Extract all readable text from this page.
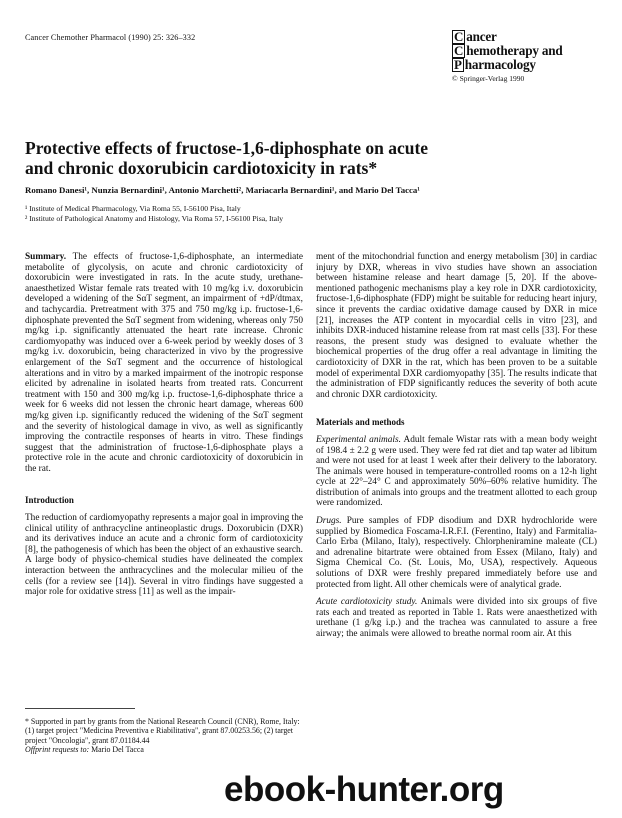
Cancer Chemother Pharmacol (1990) 25: 326–332	C ancer
C hemotherapy and
P harmacology
© Springer-Verlag 1990
Protective effects of fructose-1,6-diphosphate on acute
and chronic doxorubicin cardiotoxicity in rats*
Romano Danesi¹, Nunzia Bernardini¹, Antonio Marchetti², Mariacarla Bernardini¹, and Mario Del Tacca¹
¹ Institute of Medical Pharmacology, Via Roma 55, I-56100 Pisa, Italy
² Institute of Pathological Anatomy and Histology, Via Roma 57, I-56100 Pisa, Italy

Summary. The effects of fructose-1,6-diphosphate, an intermediate metabolite of glycolysis, on acute and chronic cardiotoxicity of doxorubicin were investigated in rats. In the acute study, urethane-anaesthetized Wistar female rats treated with 10 mg/kg i.v. doxorubicin developed a widening of the SαT segment, an impairment of +dP/dtmax, and tachycardia. Pretreatment with 375 and 750 mg/kg i.p. fructose-1,6-diphosphate prevented the SαT segment from widening, whereas only 750 mg/kg i.p. significantly attenuated the heart rate increase. Chronic cardiomyopathy was induced over a 6-week period by weekly doses of 3 mg/kg i.v. doxorubicin, being characterized in vivo by the progressive enlargement of the SαT segment and the occurrence of histological alterations and in vitro by a marked impairment of the inotropic response elicited by adrenaline in isolated hearts from treated rats. Concurrent treatment with 150 and 300 mg/kg i.p. fructose-1,6-diphosphate thrice a week for 6 weeks did not lessen the chronic heart damage, whereas 600 mg/kg given i.p. significantly reduced the widening of the SαT segment and the severity of histological damage in vivo, as well as significantly improving the contractile responses of hearts in vitro. These findings suggest that the administration of fructose-1,6-diphosphate plays a protective role in the acute and chronic cardiotoxicity of doxorubicin in the rat.

Introduction

The reduction of cardiomyopathy represents a major goal in improving the clinical utility of anthracycline antineoplastic drugs. Doxorubicin (DXR) and its derivatives induce an acute and a chronic form of cardiotoxicity [8], the pathogenesis of which has been the object of an exhaustive search. A large body of physico-chemical studies have delineated the complex interaction between the anthracyclines and the molecular milieu of the cells (for a review see [14]). Several in vitro findings have suggested a major role for oxidative stress [11] as well as the impair-

* Supported in part by grants from the National Research Council (CNR), Rome, Italy: (1) target project "Medicina Preventiva e Riabilitativa", grant 87.00253.56; (2) target project "Oncologia", grant 87.01184.44

Offprint requests to: Mario Del Tacca

ment of the mitochondrial function and energy metabolism [30] in cardiac injury by DXR, whereas in vivo studies have shown an association between histamine release and heart damage [5, 20]. If the above-mentioned pathogenic mechanisms play a key role in DXR cardiotoxicity, fructose-1,6-diphosphate (FDP) might be suitable for reducing heart injury, since it prevents the cardiac oxidative damage caused by DXR in mice [21], increases the ATP content in myocardial cells in vitro [23], and inhibits DXR-induced histamine release from rat mast cells [33]. For these reasons, the present study was designed to evaluate whether the biochemical properties of the drug offer a real advantage in limiting the cardiotoxicity of DXR in the rat, which has been proven to be a suitable model of experimental DXR cardiomyopathy [35]. The results indicate that the administration of FDP significantly reduces the severity of both acute and chronic DXR cardiotoxicity.

Materials and methods

Experimental animals. Adult female Wistar rats with a mean body weight of 198.4 ± 2.2 g were used. They were fed rat diet and tap water ad libitum and were not used for at least 1 week after their delivery to the laboratory. The animals were housed in temperature-controlled rooms on a 12-h light cycle at 22°–24° C and approximately 50%–60% relative humidity. The distribution of animals into groups and the treatment allotted to each group were randomized.

Drugs. Pure samples of FDP disodium and DXR hydrochloride were supplied by Biomedica Foscama-I.R.F.I. (Ferentino, Italy) and Farmitalia-Carlo Erba (Milano, Italy), respectively. Chlorpheniramine maleate (CL) and adrenaline bitartrate were obtained from Essex (Milano, Italy) and Sigma Chemical Co. (St. Louis, Mo, USA), respectively. Aqueous solutions of DXR were freshly prepared immediately before use and protected from light. All other chemicals were of analytical grade.

Acute cardiotoxicity study. Animals were divided into six groups of five rats each and treated as reported in Table 1. Rats were anaesthetized with urethane (1 g/kg i.p.) and the trachea was cannulated to assure a free airway; the animals were allowed to breathe normal room air. At this

ebook-hunter.org
